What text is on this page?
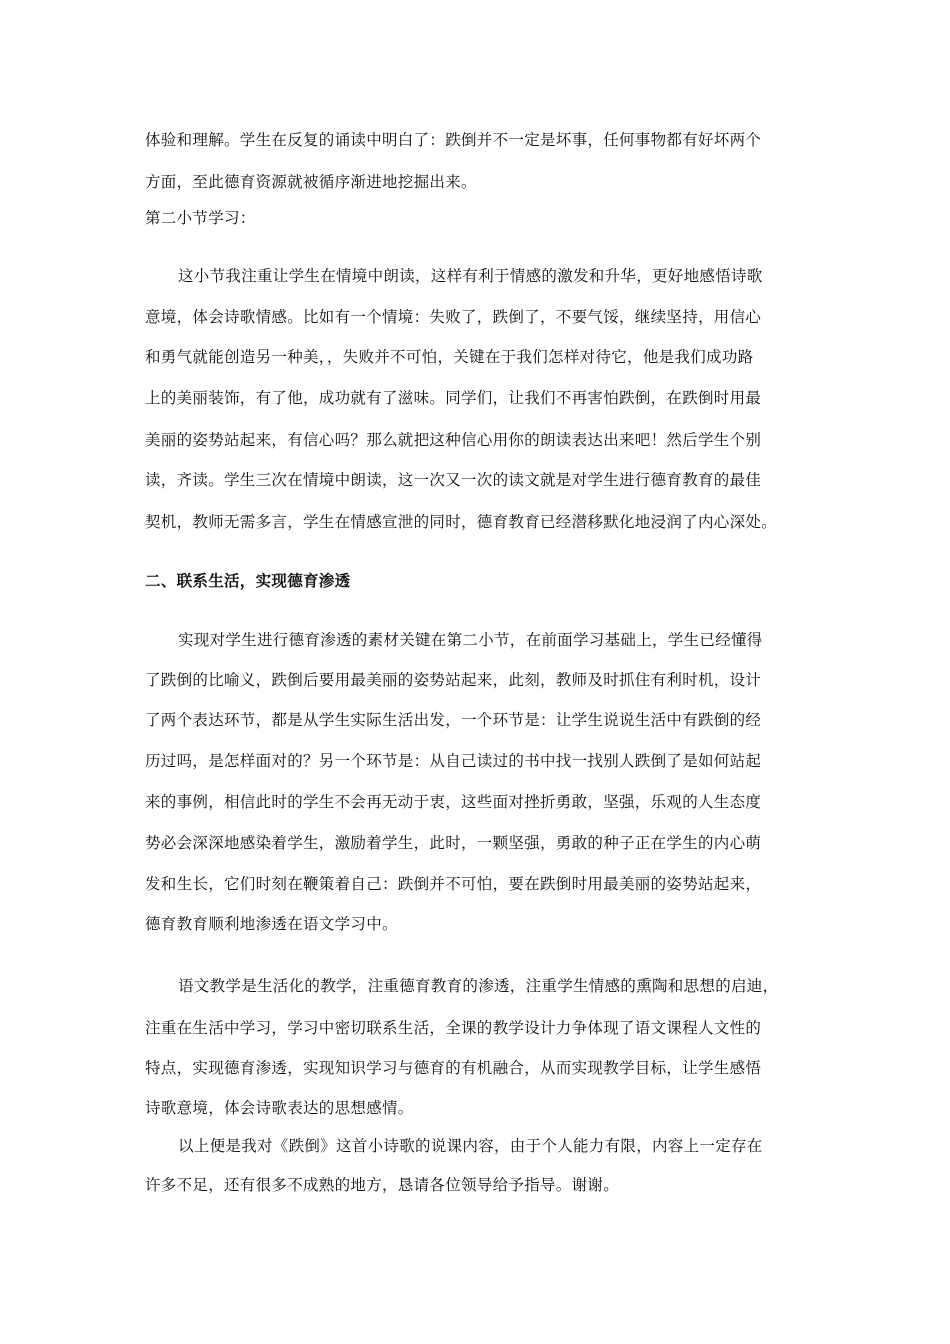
体验和理解。学生在反复的诵读中明白了：跌倒并不一定是坏事，任何事物都有好坏两个
方面，至此德育资源就被循序渐进地挖掘出来。
第二小节学习：
这小节我注重让学生在情境中朗读，这样有利于情感的激发和升华，更好地感悟诗歌
意境，体会诗歌情感。比如有一个情境：失败了，跌倒了，不要气馁，继续坚持，用信心
和勇气就能创造另一种美，，失败并不可怕，关键在于我们怎样对待它，他是我们成功路
上的美丽装饰，有了他，成功就有了滋味。同学们，让我们不再害怕跌倒，在跌倒时用最
美丽的姿势站起来，有信心吗？那么就把这种信心用你的朗读表达出来吧！然后学生个别
读，齐读。学生三次在情境中朗读，这一次又一次的读文就是对学生进行德育教育的最佳
契机，教师无需多言，学生在情感宣泄的同时，德育教育已经潜移默化地浸润了内心深处。
二、联系生活，实现德育渗透
实现对学生进行德育渗透的素材关键在第二小节，在前面学习基础上，学生已经懂得
了跌倒的比喻义，跌倒后要用最美丽的姿势站起来，此刻，教师及时抓住有利时机，设计
了两个表达环节，都是从学生实际生活出发，一个环节是：让学生说说生活中有跌倒的经
历过吗，是怎样面对的？另一个环节是：从自己读过的书中找一找别人跌倒了是如何站起
来的事例，相信此时的学生不会再无动于衷，这些面对挫折勇敢，坚强，乐观的人生态度
势必会深深地感染着学生，激励着学生，此时，一颗坚强，勇敢的种子正在学生的内心萌
发和生长，它们时刻在鞭策着自己：跌倒并不可怕，要在跌倒时用最美丽的姿势站起来，
德育教育顺利地渗透在语文学习中。
语文教学是生活化的教学，注重德育教育的渗透，注重学生情感的熏陶和思想的启迪，
注重在生活中学习，学习中密切联系生活，全课的教学设计力争体现了语文课程人文性的
特点，实现德育渗透，实现知识学习与德育的有机融合，从而实现教学目标，让学生感悟
诗歌意境，体会诗歌表达的思想感情。
以上便是我对《跌倒》这首小诗歌的说课内容，由于个人能力有限，内容上一定存在
许多不足，还有很多不成熟的地方，恳请各位领导给予指导。谢谢。
